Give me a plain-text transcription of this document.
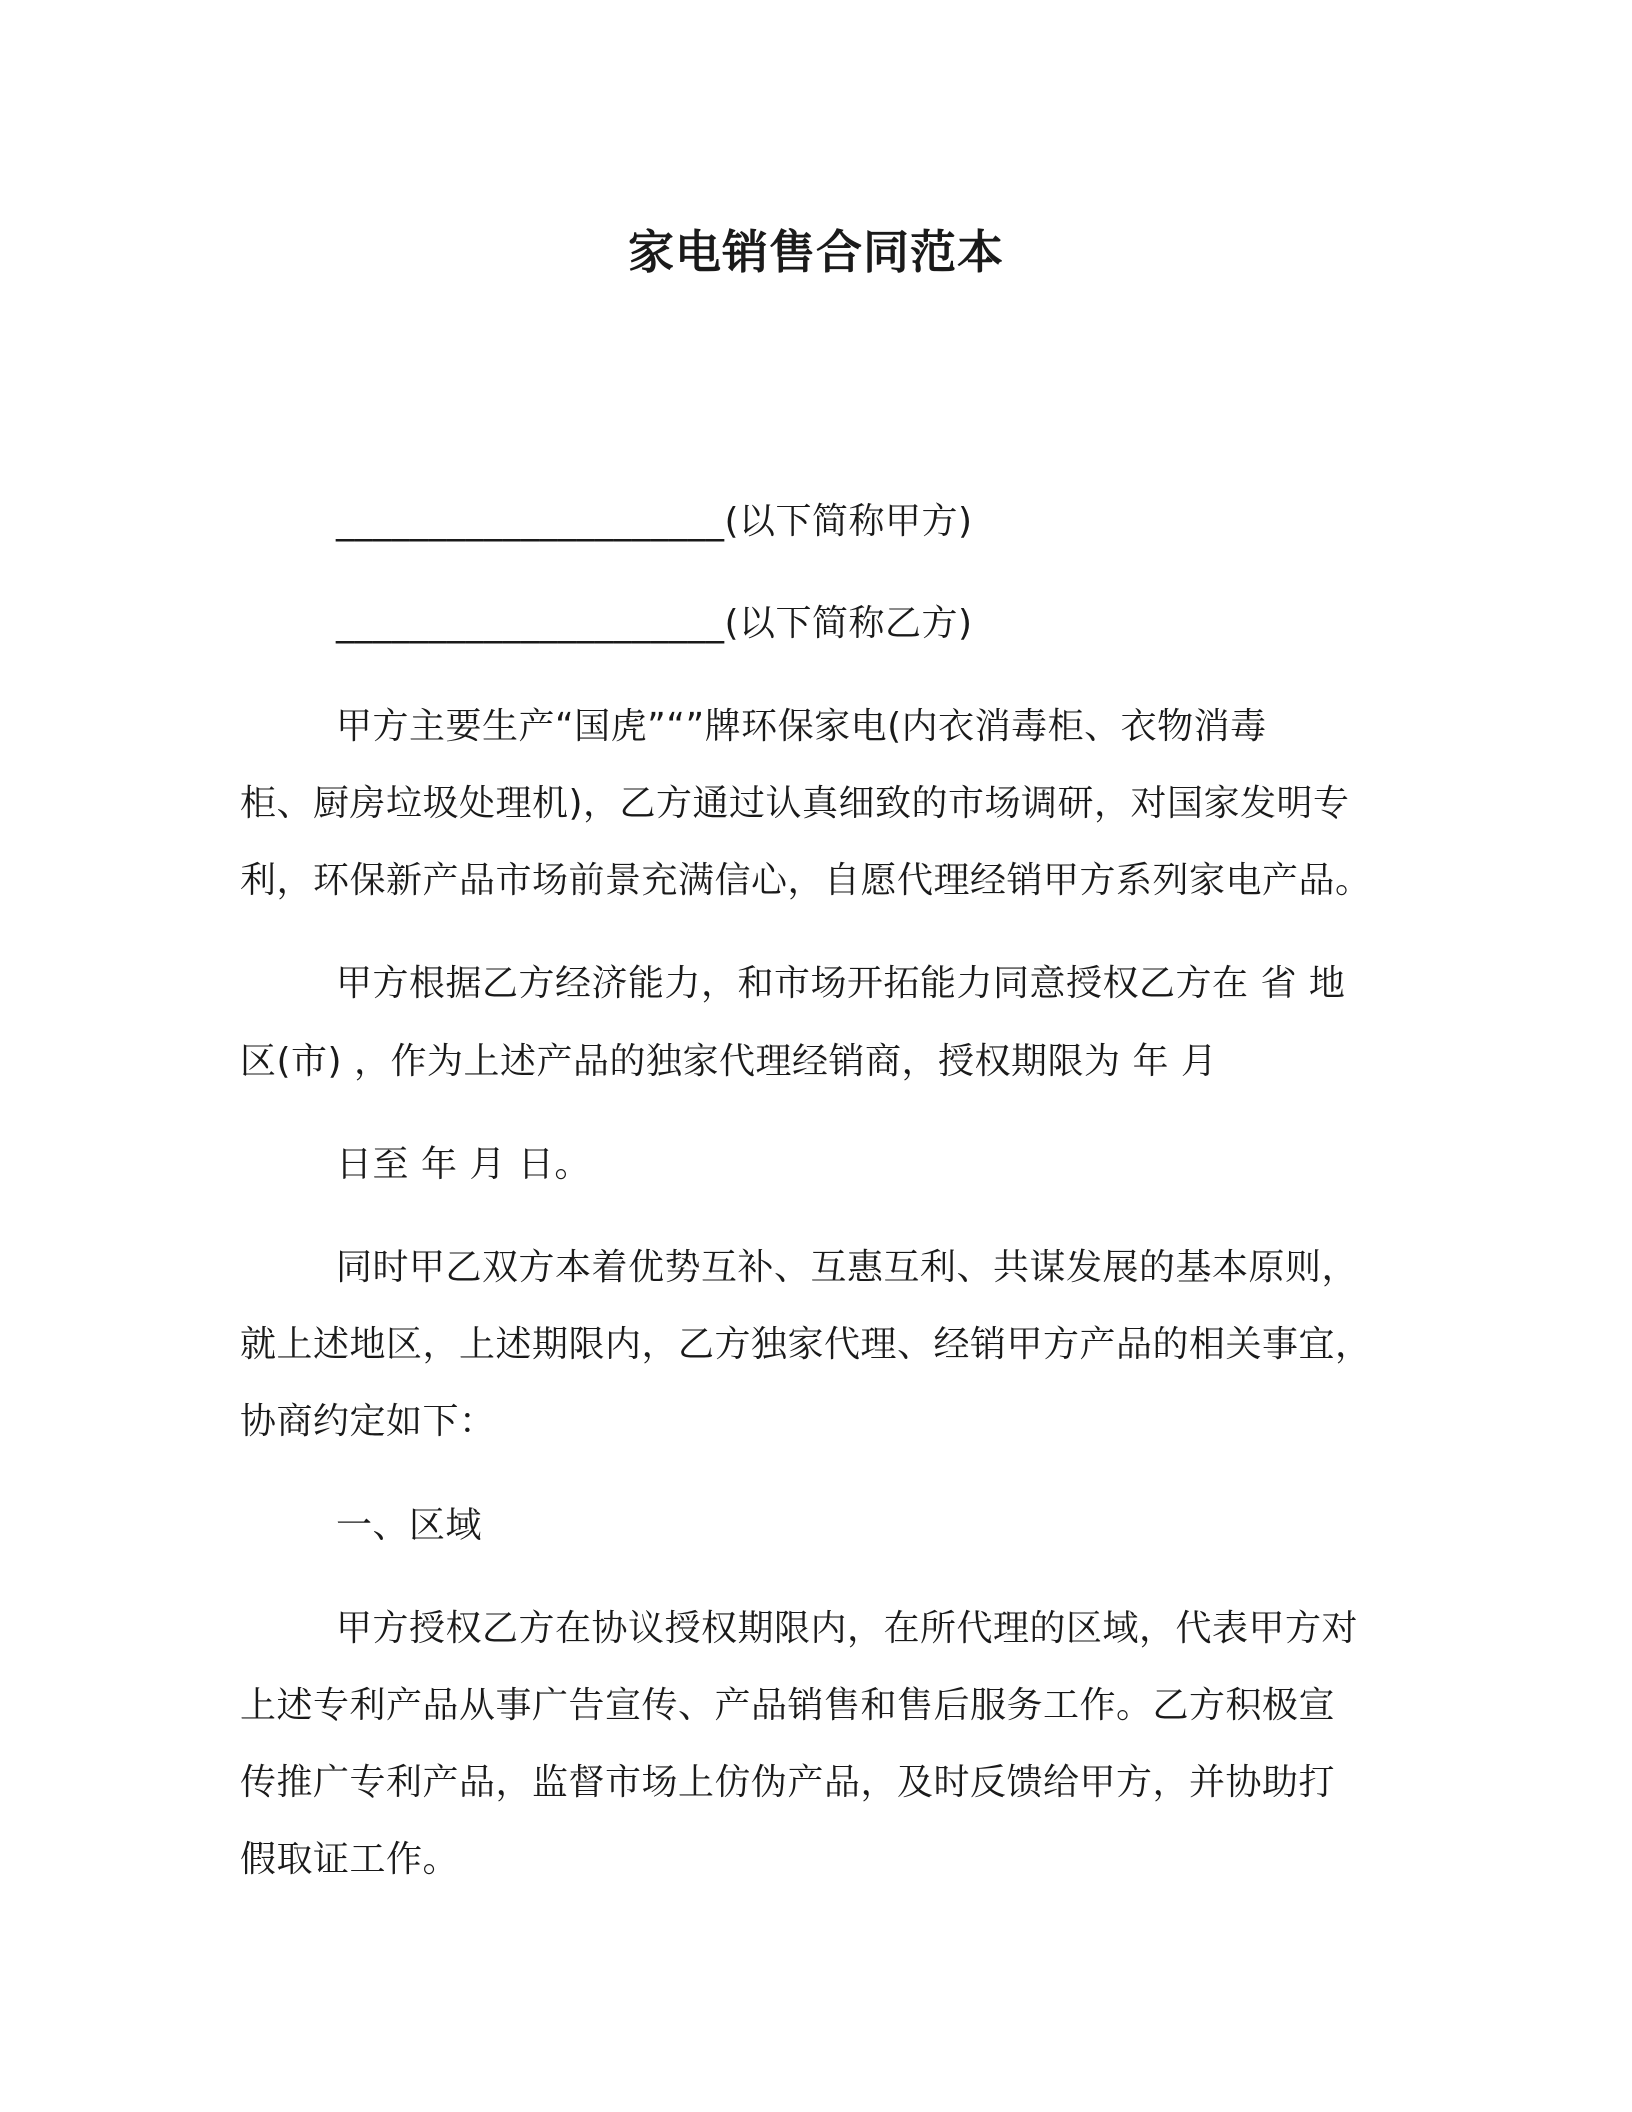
家电销售合同范本
_____________________(以下简称甲方)
_____________________(以下简称乙方)
甲方主要生产“国虎”“”牌环保家电(内衣消毒柜、衣物消毒
柜、厨房垃圾处理机)，乙方通过认真细致的市场调研，对国家发明专
利，环保新产品市场前景充满信心，自愿代理经销甲方系列家电产品。
甲方根据乙方经济能力，和市场开拓能力同意授权乙方在 省 地
区(市) ，作为上述产品的独家代理经销商，授权期限为 年 月
日至 年 月 日。
同时甲乙双方本着优势互补、互惠互利、共谋发展的基本原则，
就上述地区，上述期限内，乙方独家代理、经销甲方产品的相关事宜，
协商约定如下：
一、区域
甲方授权乙方在协议授权期限内，在所代理的区域，代表甲方对
上述专利产品从事广告宣传、产品销售和售后服务工作。乙方积极宣
传推广专利产品，监督市场上仿伪产品，及时反馈给甲方，并协助打
假取证工作。
